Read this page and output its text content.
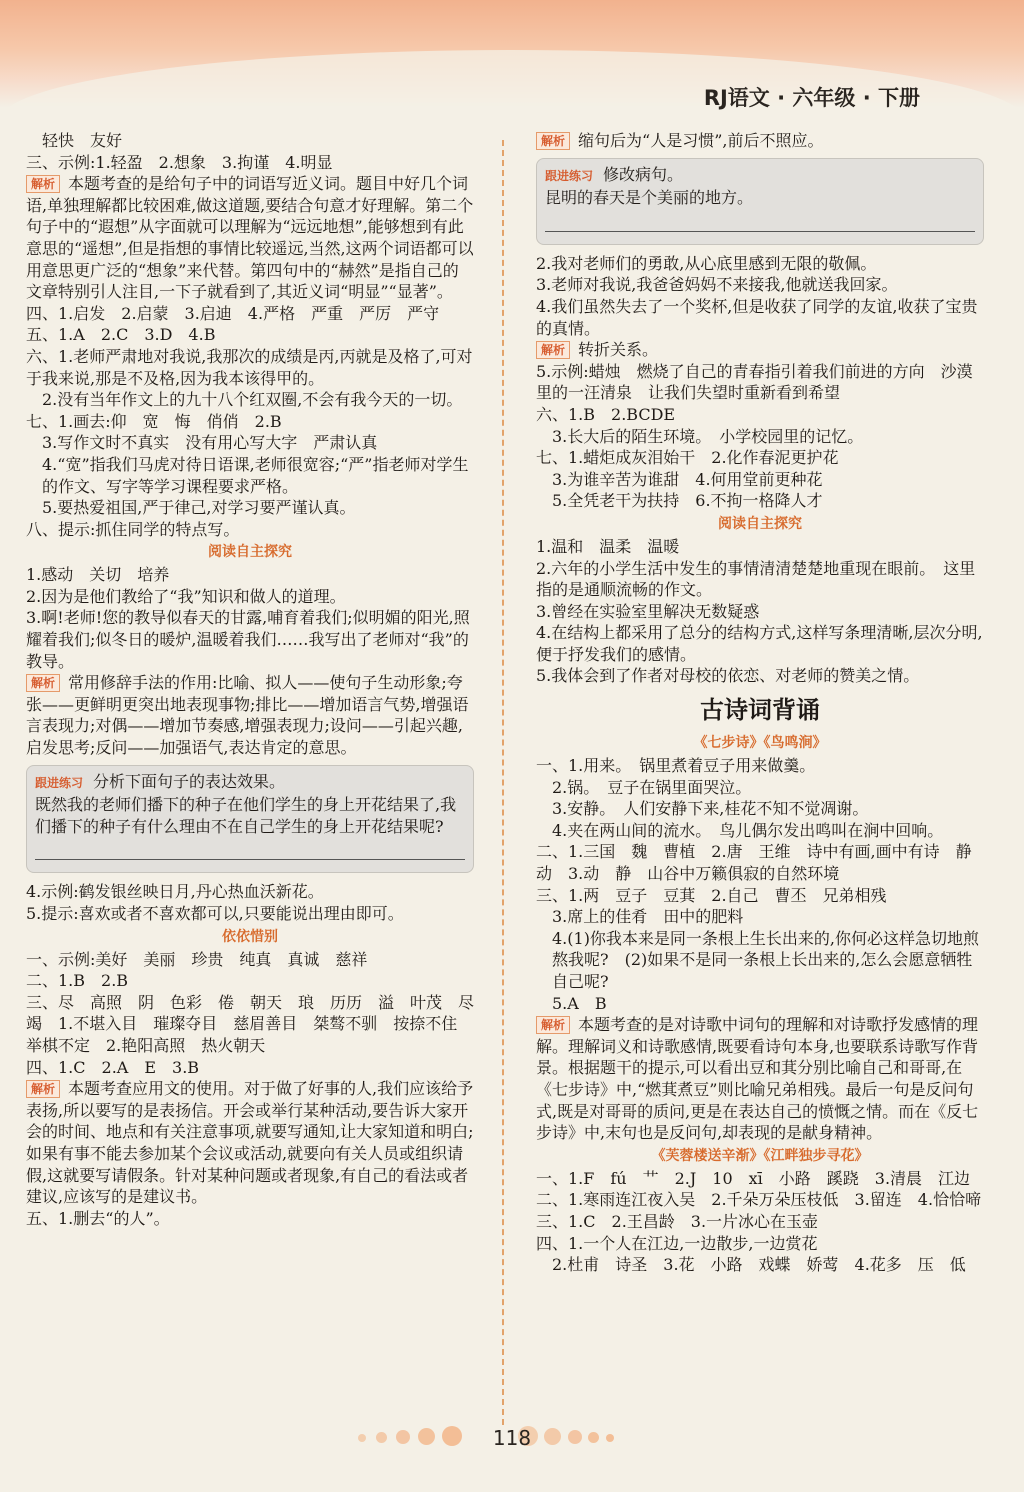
RJ语文 · 六年级 · 下册
轻快　友好
三、示例:1.轻盈　2.想象　3.拘谨　4.明显
解析 本题考查的是给句子中的词语写近义词。题目中好几个词语,单独理解都比较困难,做这道题,要结合句意才好理解。第二个句子中的“遐想”从字面就可以理解为“远远地想”,能够想到有此意思的“遥想”,但是指想的事情比较遥远,当然,这两个词语都可以用意思更广泛的“想象”来代替。第四句中的“赫然”是指自己的文章特别引人注目,一下子就看到了,其近义词“明显”“显著”。
四、1.启发　2.启蒙　3.启迪　4.严格　严重　严厉　严守
五、1.A　2.C　3.D　4.B
六、1.老师严肃地对我说,我那次的成绩是丙,丙就是及格了,可对于我来说,那是不及格,因为我本该得甲的。
2.没有当年作文上的九十八个红双圈,不会有我今天的一切。
七、1.画去:仰　宽　悔　俏俏　2.B
3.写作文时不真实　没有用心写大字　严肃认真
4.“宽”指我们马虎对待日语课,老师很宽容;“严”指老师对学生的作文、写字等学习课程要求严格。
5.要热爱祖国,严于律己,对学习要严谨认真。
八、提示:抓住同学的特点写。
阅读自主探究
1.感动　关切　培养
2.因为是他们教给了“我”知识和做人的道理。
3.啊!老师!您的教导似春天的甘露,哺育着我们;似明媚的阳光,照耀着我们;似冬日的暖炉,温暖着我们……我写出了老师对“我”的教导。
解析 常用修辞手法的作用:比喻、拟人——使句子生动形象;夸张——更鲜明更突出地表现事物;排比——增加语言气势,增强语言表现力;对偶——增加节奏感,增强表现力;设问——引起兴趣,启发思考;反问——加强语气,表达肯定的意思。
跟进练习 分析下面句子的表达效果。
既然我的老师们播下的种子在他们学生的身上开花结果了,我们播下的种子有什么理由不在自己学生的身上开花结果呢?
4.示例:鹤发银丝映日月,丹心热血沃新花。
5.提示:喜欢或者不喜欢都可以,只要能说出理由即可。
依依惜别
一、示例:美好　美丽　珍贵　纯真　真诚　慈祥
二、1.B　2.B
三、尽　高照　阴　色彩　倦　朝天　琅　历历　溢　叶茂　尽　竭　1.不堪入目　璀璨夺目　慈眉善目　桀骜不驯　按捺不住　举棋不定　2.艳阳高照　热火朝天
四、1.C　2.A　E　3.B
解析 本题考查应用文的使用。对于做了好事的人,我们应该给予表扬,所以要写的是表扬信。开会或举行某种活动,要告诉大家开会的时间、地点和有关注意事项,就要写通知,让大家知道和明白;如果有事不能去参加某个会议或活动,就要向有关人员或组织请假,这就要写请假条。针对某种问题或者现象,有自己的看法或者建议,应该写的是建议书。
五、1.删去“的人”。
解析 缩句后为“人是习惯”,前后不照应。
跟进练习 修改病句。
昆明的春天是个美丽的地方。
2.我对老师们的勇敢,从心底里感到无限的敬佩。
3.老师对我说,我爸爸妈妈不来接我,他就送我回家。
4.我们虽然失去了一个奖杯,但是收获了同学的友谊,收获了宝贵的真情。
解析 转折关系。
5.示例:蜡烛　燃烧了自己的青春指引着我们前进的方向　沙漠里的一汪清泉　让我们失望时重新看到希望
六、1.B　2.BCDE
3.长大后的陌生环境。　小学校园里的记忆。
七、1.蜡炬成灰泪始干　2.化作春泥更护花
3.为谁辛苦为谁甜　4.何用堂前更种花
5.全凭老干为扶持　6.不拘一格降人才
阅读自主探究
1.温和　温柔　温暖
2.六年的小学生活中发生的事情清清楚楚地重现在眼前。　这里指的是通顺流畅的作文。
3.曾经在实验室里解决无数疑惑
4.在结构上都采用了总分的结构方式,这样写条理清晰,层次分明,便于抒发我们的感情。
5.我体会到了作者对母校的依恋、对老师的赞美之情。
古诗词背诵
《七步诗》《鸟鸣涧》
一、1.用来。　锅里煮着豆子用来做羹。
2.锅。　豆子在锅里面哭泣。
3.安静。　人们安静下来,桂花不知不觉凋谢。
4.夹在两山间的流水。　鸟儿偶尔发出鸣叫在涧中回响。
二、1.三国　魏　曹植　2.唐　王维　诗中有画,画中有诗　静　动　3.动　静　山谷中万籁俱寂的自然环境
三、1.两　豆子　豆萁　2.自己　曹丕　兄弟相残
3.席上的佳肴　田中的肥料
4.(1)你我本来是同一条根上生长出来的,你何必这样急切地煎熬我呢?　(2)如果不是同一条根上长出来的,怎么会愿意牺牲自己呢?
5.A　B
解析 本题考查的是对诗歌中词句的理解和对诗歌抒发感情的理解。理解词义和诗歌感情,既要看诗句本身,也要联系诗歌写作背景。根据题干的提示,可以看出豆和萁分别比喻自己和哥哥,在《七步诗》中,“燃萁煮豆”则比喻兄弟相残。最后一句是反问句式,既是对哥哥的质问,更是在表达自己的愤慨之情。而在《反七步诗》中,末句也是反问句,却表现的是献身精神。
《芙蓉楼送辛渐》《江畔独步寻花》
一、1.F　fú　艹　2.J　10　xī　小路　蹊跷　3.清晨　江边
二、1.寒雨连江夜入吴　2.千朵万朵压枝低　3.留连　4.恰恰啼
三、1.C　2.王昌龄　3.一片冰心在玉壶
四、1.一个人在江边,一边散步,一边赏花
2.杜甫　诗圣　3.花　小路　戏蝶　娇莺　4.花多　压　低
118
